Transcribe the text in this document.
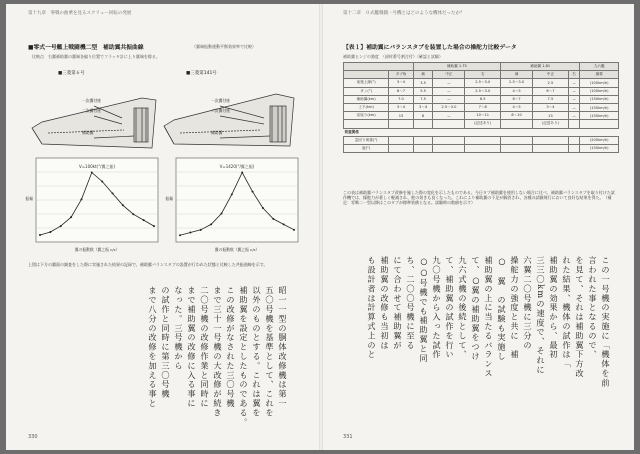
第十九章　零戦の曲乗を見るスクリュー回転の発展
■零式一号艦上戦闘機二型　補助翼共振曲線	（翼端振動運動平衡効果率で比較）
比較点　右翼補助翼の翼端各偏り位置でフラッタ計に上り翼端を除る。
■三菱第６号	■三菱第141号
一次翼付座
二次翼付座
補助翼
一次翼付座
二次翼付座
補助翼
V=100kt(°/翼之振)
翼の振動数（翼之振 c/s）
振幅
V=1420(°/翼之振)
翼の振動数（翼之振 c/s）
振幅
上図は下方の翼面の調査をした際に実施された結果の記録で、補助翼バランスタブの設置が行われた状態と比較した共振曲線を示す。
昭一一型の胴体改修機は第一
五〇号機を基準として、これを
以外のものとする。これは翼を
補助翼を設定としたものである。
この改修がなされた三〇号機
まで三十一号機の大改修が続き
二〇号機の改修作業と同時に
まで補助翼の改修に入る事に
なった。三号機から
の試作と同時に第三〇号機
まで八分の改修を加える事と
330
第十二章　０式艦戦闘一号機とはどのような機体だったか？
【表１】補助翼にバランスタブを装置した場合の操舵力比較データ
補助翼ヒンジの強度　（部材番号割合付）（確認と試験）
		補助翼 1.75			補助翼 1.81			九六艦
	タブ角	補	中正	右	補	中正	右	摘要
前後上線(°)	3〜4	3.5	—	2.5〜3.0	2.5〜3.0	2.5	—	(100km/h)
タン(°)	6〜7	5.5	—	2.5〜3.0	4〜5	6〜7	—	(100km/h)
補助翼(km)	7.0	7.5	—	6.5	6〜7	7.5	—	(150km/h)
上下(km)	3〜4	3〜4	2.5〜3.0	7〜8	4〜5	3〜4	—	(150km/h)
宙返り(km)	15	8	—	10〜11	8〜10	13	—	(150km/h)
				(記述あり)		(記述あり)		
荷重関係								
急回り荷重(°)								(200km/h)
旋(°)								(150km/h)
この表は補助翼バランスタブ改修を施した際の変化を示したものである。今日タブ補助翼を使用しない場合に比べ、補助翼バランスタブを取り付けた試作機では、操舵力が著しく軽減され、舵の効きも良くなった。これにより補助翼の不足が解消され、各種の試験飛行において良好な結果を得た。（補足：零戦二一型以降はこのタブが標準装備となる。試験時の数値を示す）
この一号機の実施に「機体を前
言われた事となるので、
を見て、それは補助翼下方改
れた結果、機体の試作は「
補助翼の効果から、最初
三三〇kmの速度で、それに
六翼二〇号機に三分の
操舵力の強度と共に　補
○　翼　の試験も実施し
補助翼の上に当たるバランス
て、○翼の補助翼をつけ
九六式機の後続として、
て、補助翼の試作を行い
九〇号機から入った試作
○○号機でも補助翼と同
ち、二〇〇号機に至る
にて合わせて補助翼が
補助翼の改修も当初は
も設計者は計算式上のと
331
